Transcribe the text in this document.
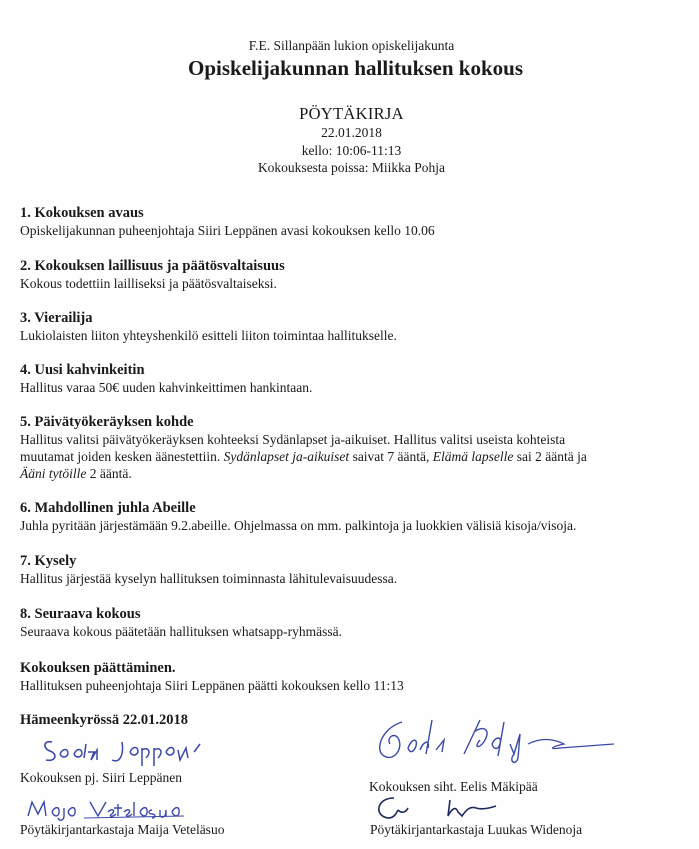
F.E. Sillanpään lukion opiskelijakunta
Opiskelijakunnan hallituksen kokous
PÖYTÄKIRJA
22.01.2018
kello: 10:06-11:13
Kokouksesta poissa: Miikka Pohja
1. Kokouksen avaus

Opiskelijakunnan puheenjohtaja Siiri Leppänen avasi kokouksen kello 10.06

2. Kokouksen laillisuus ja päätösvaltaisuus

Kokous todettiin lailliseksi ja päätösvaltaiseksi.

3. Vierailija

Lukiolaisten liiton yhteyshenkilö esitteli liiton toimintaa hallitukselle.

4. Uusi kahvinkeitin

Hallitus varaa 50€ uuden kahvinkeittimen hankintaan.

5. Päivätyökeräyksen kohde

Hallitus valitsi päivätyökeräyksen kohteeksi Sydänlapset ja-aikuiset. Hallitus valitsi useista kohteista

muutamat joiden kesken äänestettiin. Sydänlapset ja-aikuiset saivat 7 ääntä, Elämä lapselle sai 2 ääntä ja

Ääni tytöille 2 ääntä.

6. Mahdollinen juhla Abeille

Juhla pyritään järjestämään 9.2.abeille. Ohjelmassa on mm. palkintoja ja luokkien välisiä kisoja/visoja.

7. Kysely

Hallitus järjestää kyselyn hallituksen toiminnasta lähitulevaisuudessa.

8. Seuraava kokous

Seuraava kokous päätetään hallituksen whatsapp-ryhmässä.

Kokouksen päättäminen.

Hallituksen puheenjohtaja Siiri Leppänen päätti kokouksen kello 11:13

Hämeenkyrössä 22.01.2018
Kokouksen pj. Siiri Leppänen
Kokouksen siht. Eelis Mäkipää
Pöytäkirjantarkastaja Maija Veteläsuo	Pöytäkirjantarkastaja Luukas Widenoja
